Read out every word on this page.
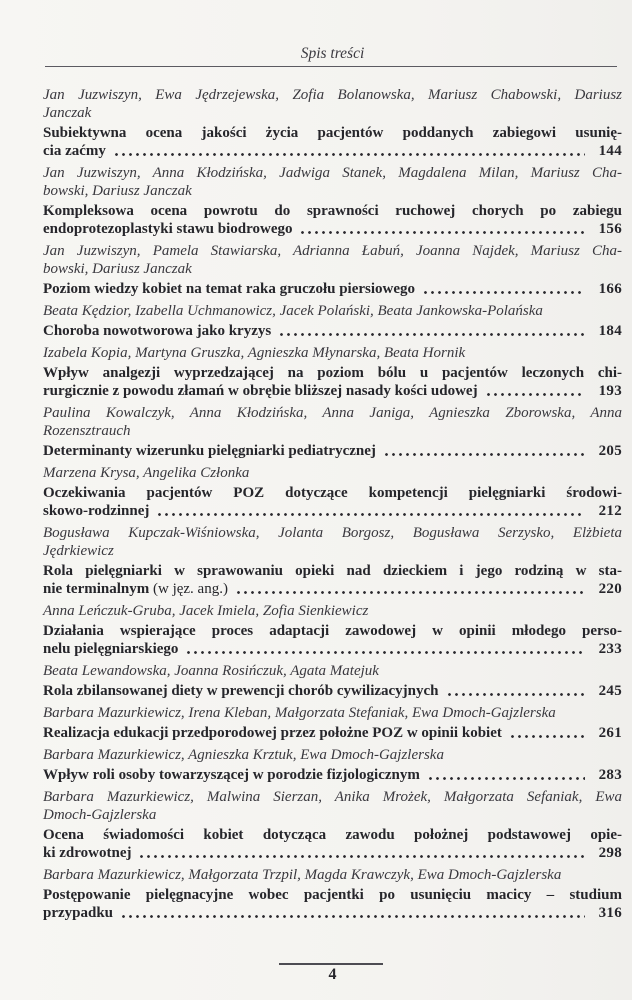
Spis treści
Jan Juzwiszyn, Ewa Jędrzejewska, Zofia Bolanowska, Mariusz Chabowski, Dariusz
Janczak
Subiektywna ocena jakości życia pacjentów poddanych zabiegowi usunię-
cia zaćmy	144
Jan Juzwiszyn, Anna Kłodzińska, Jadwiga Stanek, Magdalena Milan, Mariusz Cha-
bowski, Dariusz Janczak
Kompleksowa ocena powrotu do sprawności ruchowej chorych po zabiegu
endoprotezoplastyki stawu biodrowego	156
Jan Juzwiszyn, Pamela Stawiarska, Adrianna Łabuń, Joanna Najdek, Mariusz Cha-
bowski, Dariusz Janczak
Poziom wiedzy kobiet na temat raka gruczołu piersiowego	166
Beata Kędzior, Izabella Uchmanowicz, Jacek Polański, Beata Jankowska-Polańska
Choroba nowotworowa jako kryzys	184
Izabela Kopia, Martyna Gruszka, Agnieszka Młynarska, Beata Hornik
Wpływ analgezji wyprzedzającej na poziom bólu u pacjentów leczonych chi-
rurgicznie z powodu złamań w obrębie bliższej nasady kości udowej	193
Paulina Kowalczyk, Anna Kłodzińska, Anna Janiga, Agnieszka Zborowska, Anna
Rozensztrauch
Determinanty wizerunku pielęgniarki pediatrycznej	205
Marzena Krysa, Angelika Członka
Oczekiwania pacjentów POZ dotyczące kompetencji pielęgniarki środowi-
skowo-rodzinnej	212
Bogusława Kupczak-Wiśniowska, Jolanta Borgosz, Bogusława Serzysko, Elżbieta
Jędrkiewicz
Rola pielęgniarki w sprawowaniu opieki nad dzieckiem i jego rodziną w sta-
nie terminalnym (w jęz. ang.)	220
Anna Leńczuk-Gruba, Jacek Imiela, Zofia Sienkiewicz
Działania wspierające proces adaptacji zawodowej w opinii młodego perso-
nelu pielęgniarskiego	233
Beata Lewandowska, Joanna Rosińczuk, Agata Matejuk
Rola zbilansowanej diety w prewencji chorób cywilizacyjnych	245
Barbara Mazurkiewicz, Irena Kleban, Małgorzata Stefaniak, Ewa Dmoch-Gajzlerska
Realizacja edukacji przedporodowej przez położne POZ w opinii kobiet	261
Barbara Mazurkiewicz, Agnieszka Krztuk, Ewa Dmoch-Gajzlerska
Wpływ roli osoby towarzyszącej w porodzie fizjologicznym	283
Barbara Mazurkiewicz, Malwina Sierzan, Anika Mrożek, Małgorzata Sefaniak, Ewa
Dmoch-Gajzlerska
Ocena świadomości kobiet dotycząca zawodu położnej podstawowej opie-
ki zdrowotnej	298
Barbara Mazurkiewicz, Małgorzata Trzpil, Magda Krawczyk, Ewa Dmoch-Gajzlerska
Postępowanie pielęgnacyjne wobec pacjentki po usunięciu macicy – studium
przypadku	316
4
